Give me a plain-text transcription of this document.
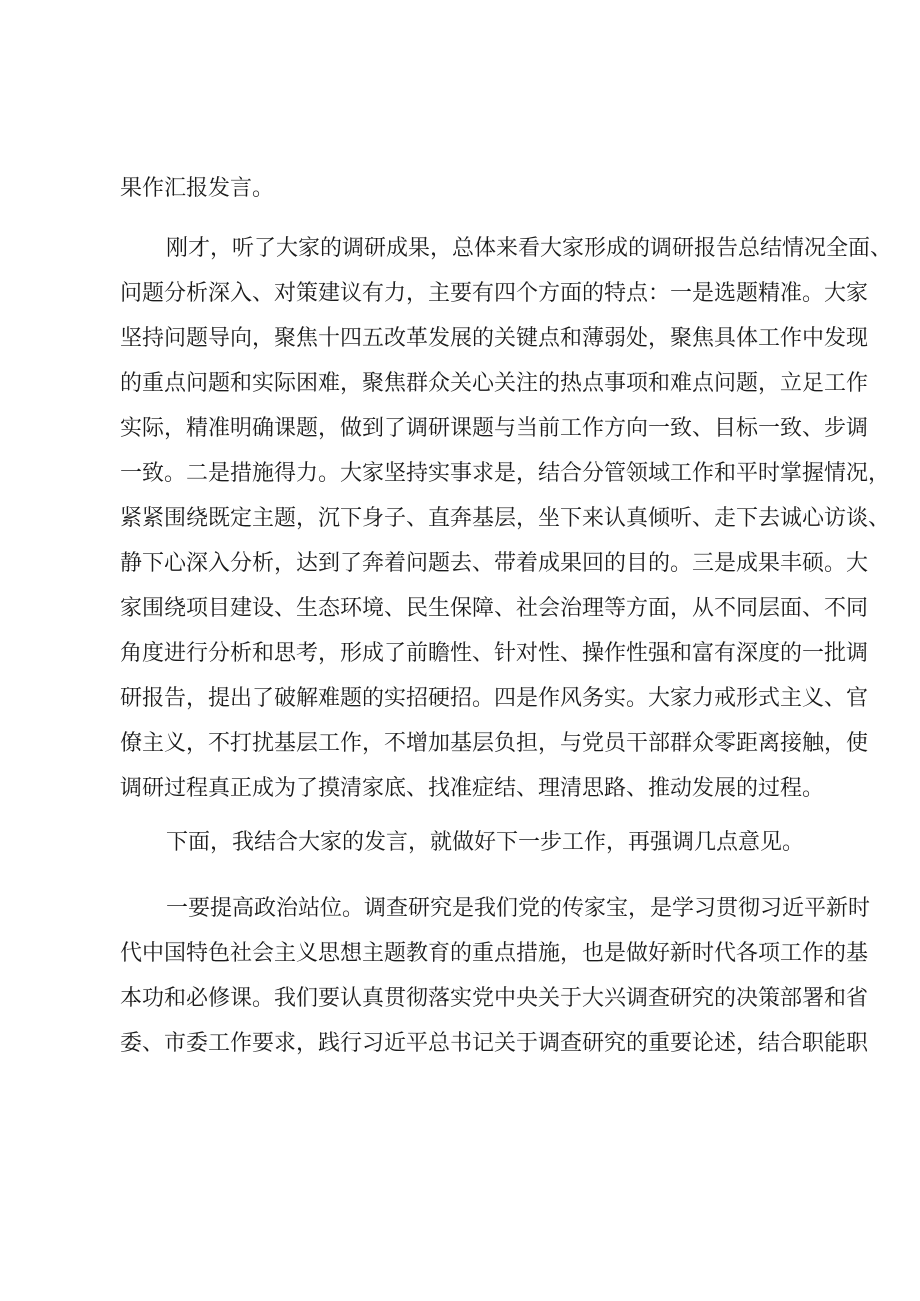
果作汇报发言。
刚才，听了大家的调研成果，总体来看大家形成的调研报告总结情况全面、
问题分析深入、对策建议有力，主要有四个方面的特点：一是选题精准。大家
坚持问题导向，聚焦十四五改革发展的关键点和薄弱处，聚焦具体工作中发现
的重点问题和实际困难，聚焦群众关心关注的热点事项和难点问题，立足工作
实际，精准明确课题，做到了调研课题与当前工作方向一致、目标一致、步调
一致。二是措施得力。大家坚持实事求是，结合分管领域工作和平时掌握情况，
紧紧围绕既定主题，沉下身子、直奔基层，坐下来认真倾听、走下去诚心访谈、
静下心深入分析，达到了奔着问题去、带着成果回的目的。三是成果丰硕。大
家围绕项目建设、生态环境、民生保障、社会治理等方面，从不同层面、不同
角度进行分析和思考，形成了前瞻性、针对性、操作性强和富有深度的一批调
研报告，提出了破解难题的实招硬招。四是作风务实。大家力戒形式主义、官
僚主义，不打扰基层工作，不增加基层负担，与党员干部群众零距离接触，使
调研过程真正成为了摸清家底、找准症结、理清思路、推动发展的过程。
下面，我结合大家的发言，就做好下一步工作，再强调几点意见。
一要提高政治站位。调查研究是我们党的传家宝，是学习贯彻习近平新时
代中国特色社会主义思想主题教育的重点措施，也是做好新时代各项工作的基
本功和必修课。我们要认真贯彻落实党中央关于大兴调查研究的决策部署和省
委、市委工作要求，践行习近平总书记关于调查研究的重要论述，结合职能职
